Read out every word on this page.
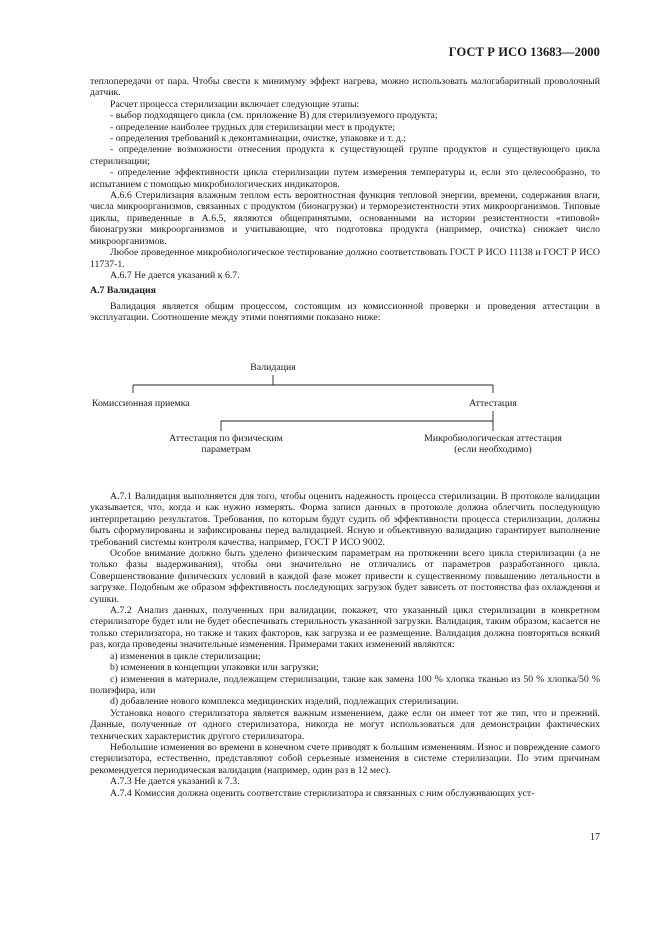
ГОСТ Р ИСО 13683—2000

теплопередачи от пара. Чтобы свести к минимуму эффект нагрева, можно использовать малогабаритный проволочный датчик.

Расчет процесса стерилизации включает следующие этапы:

- выбор подходящего цикла (см. приложение В) для стерилизуемого продукта;

- определение наиболее трудных для стерилизации мест в продукте;

- определения требований к деконтаминации, очистке, упаковке и т. д.;

- определение возможности отнесения продукта к существующей группе продуктов и существующего цикла стерилизации;

- определение эффективности цикла стерилизации путем измерения температуры и, если это целесообразно, то испытанием с помощью микробиологических индикаторов.

А.6.6 Стерилизация влажным теплом есть вероятностная функция тепловой энергии, времени, содержания влаги, числа микроорганизмов, связанных с продуктом (бионагрузки) и терморезистентности этих микроорганизмов. Типовые циклы, приведенные в А.6.5, являются общепринятыми, основанными на истории резистентности «типовой» бионагрузки микроорганизмов и учитывающие, что подготовка продукта (например, очистка) снижает число микроорганизмов.

Любое проведенное микробиологическое тестирование должно соответствовать ГОСТ Р ИСО 11138 и ГОСТ Р ИСО 11737-1.

А.6.7 Не дается указаний к 6.7.

А.7 Валидация

Валидация является общим процессом, состоящим из комиссионной проверки и проведения аттестации в эксплуатации. Соотношение между этими понятиями показано ниже:

Валидация
Комиссионная приемка	Аттестация
Аттестация по физическим
параметрам
Микробиологическая аттестация
(если необходимо)

А.7.1 Валидация выполняется для того, чтобы оценить надежность процесса стерилизации. В протоколе валидации указывается, что, когда и как нужно измерять. Форма записи данных в протоколе должна облегчить последующую интерпретацию результатов. Требования, по которым будут судить об эффективности процесса стерилизации, должны быть сформулированы и зафиксированы перед валидацией. Ясную и объективную валидацию гарантирует выполнение требований системы контроля качества, например, ГОСТ Р ИСО 9002.

Особое внимание должно быть уделено физическим параметрам на протяжении всего цикла стерилизации (а не только фазы выдерживания), чтобы они значительно не отличались от параметров разработанного цикла. Совершенствование физических условий в каждой фазе может привести к существенному повышению летальности в загрузке. Подобным же образом эффективность последующих загрузок будет зависеть от постоянства фаз охлаждения и сушки.

А.7.2 Анализ данных, полученных при валидации, покажет, что указанный цикл стерилизации в конкретном стерилизаторе будет или не будет обеспечивать стерильность указанной загрузки. Валидация, таким образом, касается не только стерилизатора, но также и таких факторов, как загрузка и ее размещение. Валидация должна повторяться всякий раз, когда проведены значительные изменения. Примерами таких изменений являются:

а) изменения в цикле стерилизации;

b) изменения в концепции упаковки или загрузки;

с) изменения в материале, подлежащем стерилизации, такие как замена 100 % хлопка тканью из 50 % хлопка/50 % полиэфира, или

d) добавление нового комплекса медицинских изделий, подлежащих стерилизации.

Установка нового стерилизатора является важным изменением, даже если он имеет тот же тип, что и прежний. Данные, полученные от одного стерилизатора, никогда не могут использоваться для демонстрации фактических технических характеристик другого стерилизатора.

Небольшие изменения во времени в конечном счете приводят к большим изменениям. Износ и повреждение самого стерилизатора, естественно, представляют собой серьезные изменения в системе стерилизации. По этим причинам рекомендуется периодическая валидация (например, один раз в 12 мес).

А.7.3 Не дается указаний к 7.3.

А.7.4 Комиссия должна оценить соответствие стерилизатора и связанных с ним обслуживающих уст-

17
